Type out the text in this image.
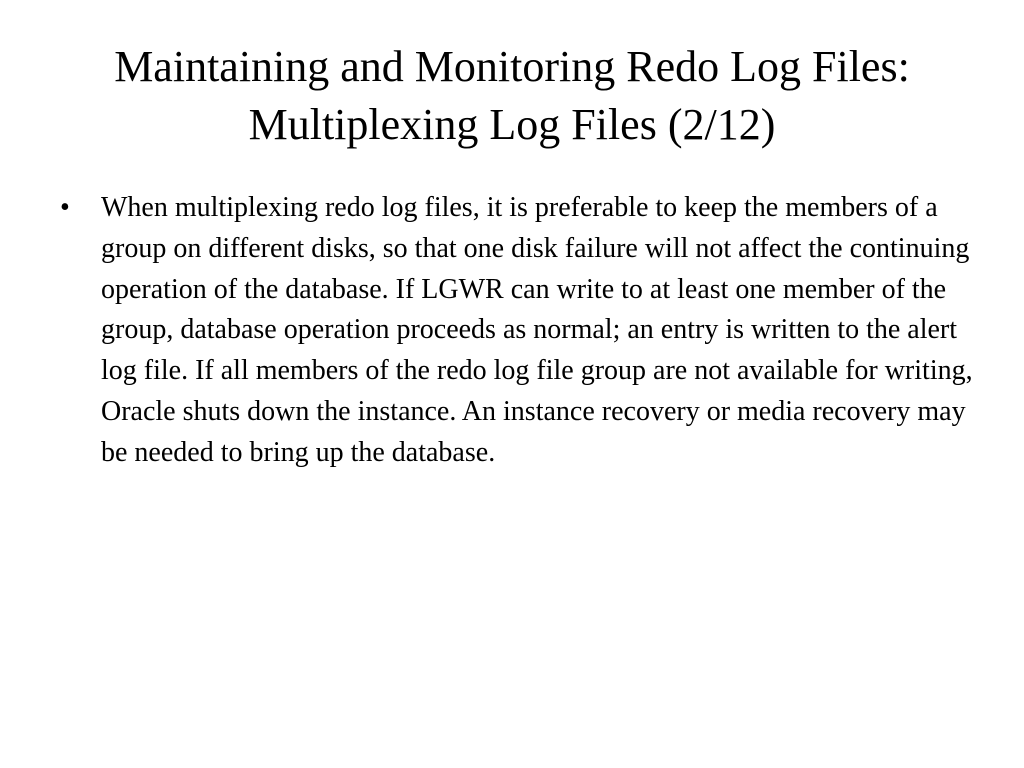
Maintaining and Monitoring Redo Log Files:
Multiplexing Log Files (2/12)
•	When multiplexing redo log files, it is preferable to keep the members of a group on different disks, so that one disk failure will not affect the continuing operation of the database. If LGWR can write to at least one member of the group, database operation proceeds as normal; an entry is written to the alert log file. If all members of the redo log file group are not available for writing, Oracle shuts down the instance. An instance recovery or media recovery may be needed to bring up the database.
